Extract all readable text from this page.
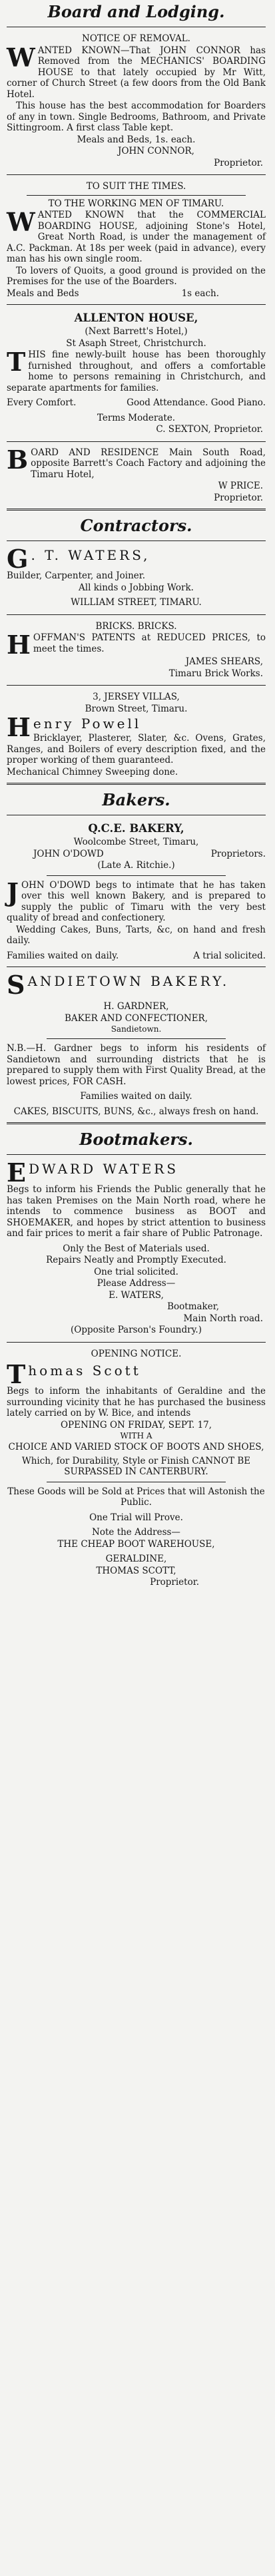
Board and Lodging.

NOTICE OF REMOVAL.

W ANTED KNOWN—That JOHN CONNOR has Removed from the MECHANICS' BOARDING HOUSE to that lately occupied by Mr Witt, corner of Church Street (a few doors from the Old Bank Hotel.

This house has the best accommodation for Boarders of any in town. Single Bedrooms, Bathroom, and Private Sittingroom. A first class Table kept.

Meals and Beds, 1s. each.

JOHN CONNOR,

Proprietor.

TO SUIT THE TIMES.

TO THE WORKING MEN OF TIMARU.

W ANTED KNOWN that the COMMERCIAL BOARDING HOUSE, adjoining Stone's Hotel, Great North Road, is under the management of A.C. Packman. At 18s per week (paid in advance), every man has his own single room.

To lovers of Quoits, a good ground is provided on the Premises for the use of the Boarders.

Meals and Beds	1s each.

ALLENTON HOUSE,

(Next Barrett's Hotel,)

St Asaph Street, Christchurch.

T HIS fine newly-built house has been thoroughly furnished throughout, and offers a comfortable home to persons remaining in Christchurch, and separate apartments for families.
Every Comfort.	Good Attendance. Good Piano.

Terms Moderate.

C. SEXTON, Proprietor.

B OARD AND RESIDENCE Main South Road, opposite Barrett's Coach Factory and adjoining the Timaru Hotel,

W PRICE.

Proprietor.

Contractors.
G . T. WATERS,

Builder, Carpenter, and Joiner.

All kinds o Jobbing Work.

WILLIAM STREET, TIMARU.

BRICKS. BRICKS.

H OFFMAN'S PATENTS at REDUCED PRICES, to meet the times.

JAMES SHEARS,

Timaru Brick Works.

3, JERSEY VILLAS,

Brown Street, Timaru.

H enry Powell

Bricklayer, Plasterer, Slater, &c. Ovens, Grates, Ranges, and Boilers of every description fixed, and the proper working of them guaranteed.

Mechanical Chimney Sweeping done.

Bakers.

Q.C.E. BAKERY,

Woolcombe Street, Timaru,

JOHN O'DOWD	Proprietors.

(Late A. Ritchie.)

J OHN O'DOWD begs to intimate that he has taken over this well known Bakery, and is prepared to supply the public of Timaru with the very best quality of bread and confectionery.

Wedding Cakes, Buns, Tarts, &c, on hand and fresh daily.

Families waited on daily.	A trial solicited.
S ANDIETOWN BAKERY.

H. GARDNER,

BAKER AND CONFECTIONER,

Sandietown.

N.B.—H. Gardner begs to inform his residents of Sandietown and surrounding districts that he is prepared to supply them with First Quality Bread, at the lowest prices, FOR CASH.

Families waited on daily.

CAKES, BISCUITS, BUNS, &c., always fresh on hand.

Bootmakers.
E DWARD WATERS

Begs to inform his Friends the Public generally that he has taken Premises on the Main North road, where he intends to commence business as BOOT and SHOEMAKER, and hopes by strict attention to business and fair prices to merit a fair share of Public Patronage.

Only the Best of Materials used.

Repairs Neatly and Promptly Executed.

One trial solicited.

Please Address—

E. WATERS,

Bootmaker,

Main North road.

(Opposite Parson's Foundry.)

OPENING NOTICE.

T homas Scott

Begs to inform the inhabitants of Geraldine and the surrounding vicinity that he has purchased the business lately carried on by W. Bice, and intends

OPENING ON FRIDAY, SEPT. 17,

WITH A

CHOICE AND VARIED STOCK OF BOOTS AND SHOES,

Which, for Durability, Style or Finish CANNOT BE SURPASSED IN CANTERBURY.

These Goods will be Sold at Prices that will Astonish the Public.

One Trial will Prove.

Note the Address—

THE CHEAP BOOT WAREHOUSE,

GERALDINE,

THOMAS SCOTT,

Proprietor.
